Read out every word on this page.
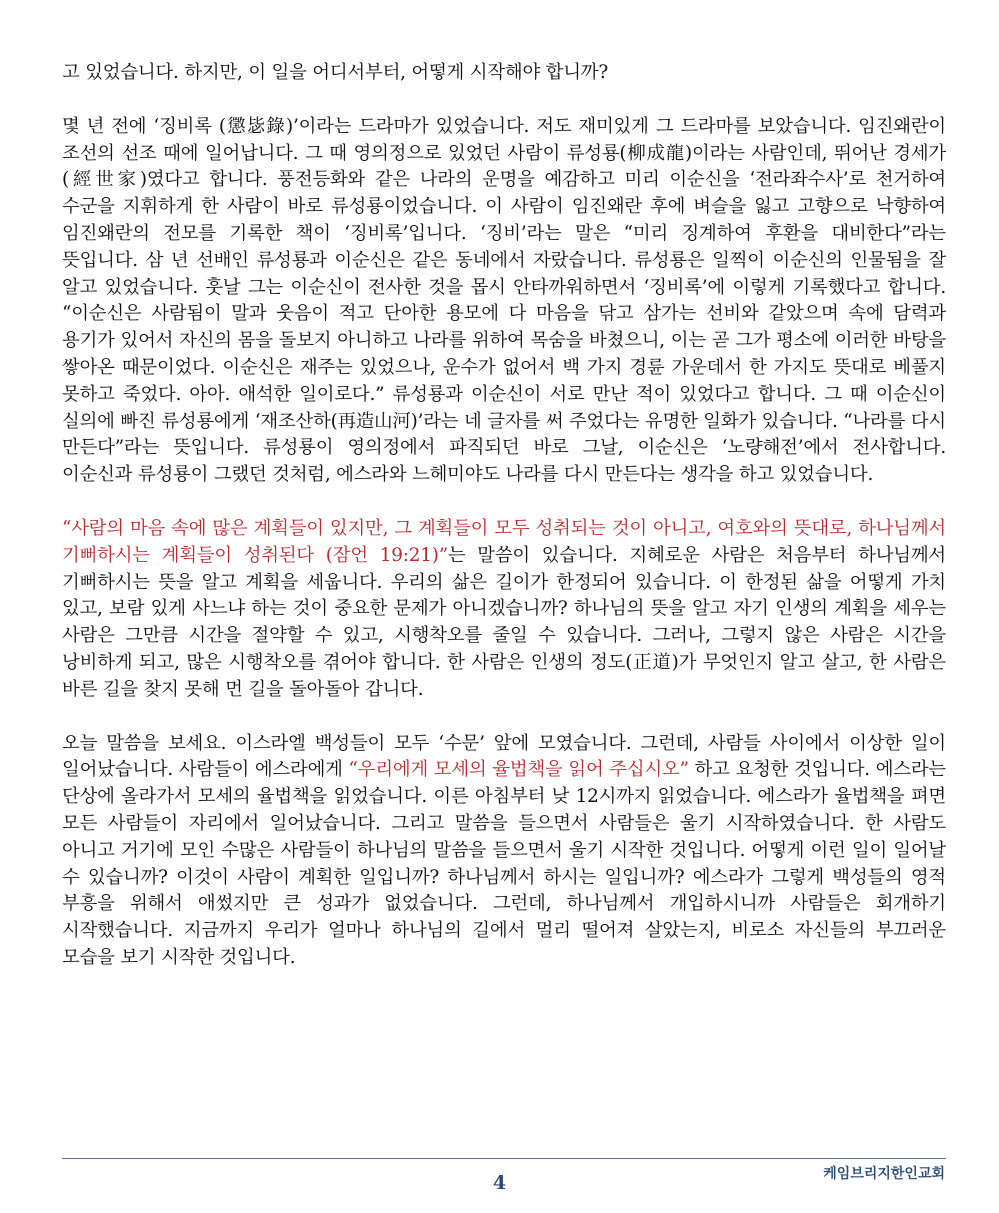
고 있었습니다. 하지만, 이 일을 어디서부터, 어떻게 시작해야 합니까?

몇 년 전에 ‘징비록 (懲毖錄)’이라는 드라마가 있었습니다. 저도 재미있게 그 드라마를 보았습니다. 임진왜란이 조선의 선조 때에 일어납니다. 그 때 영의정으로 있었던 사람이 류성룡(柳成龍)이라는 사람인데, 뛰어난 경세가(經世家)였다고 합니다. 풍전등화와 같은 나라의 운명을 예감하고 미리 이순신을 ‘전라좌수사’로 천거하여 수군을 지휘하게 한 사람이 바로 류성룡이었습니다. 이 사람이 임진왜란 후에 벼슬을 잃고 고향으로 낙향하여 임진왜란의 전모를 기록한 책이 ‘징비록’입니다. ‘징비’라는 말은 “미리 징계하여 후환을 대비한다”라는 뜻입니다. 삼 년 선배인 류성룡과 이순신은 같은 동네에서 자랐습니다. 류성룡은 일찍이 이순신의 인물됨을 잘 알고 있었습니다. 훗날 그는 이순신이 전사한 것을 몹시 안타까워하면서 ‘징비록’에 이렇게 기록했다고 합니다. “이순신은 사람됨이 말과 웃음이 적고 단아한 용모에 다 마음을 닦고 삼가는 선비와 같았으며 속에 담력과 용기가 있어서 자신의 몸을 돌보지 아니하고 나라를 위하여 목숨을 바쳤으니, 이는 곧 그가 평소에 이러한 바탕을 쌓아온 때문이었다. 이순신은 재주는 있었으나, 운수가 없어서 백 가지 경륜 가운데서 한 가지도 뜻대로 베풀지 못하고 죽었다. 아아. 애석한 일이로다.” 류성룡과 이순신이 서로 만난 적이 있었다고 합니다. 그 때 이순신이 실의에 빠진 류성룡에게 ‘재조산하(再造山河)’라는 네 글자를 써 주었다는 유명한 일화가 있습니다. “나라를 다시 만든다”라는 뜻입니다. 류성룡이 영의정에서 파직되던 바로 그날, 이순신은 ‘노량해전’에서 전사합니다. 이순신과 류성룡이 그랬던 것처럼, 에스라와 느헤미야도 나라를 다시 만든다는 생각을 하고 있었습니다.

“사람의 마음 속에 많은 계획들이 있지만, 그 계획들이 모두 성취되는 것이 아니고, 여호와의 뜻대로, 하나님께서 기뻐하시는 계획들이 성취된다 (잠언 19:21)”는 말씀이 있습니다. 지혜로운 사람은 처음부터 하나님께서 기뻐하시는 뜻을 알고 계획을 세웁니다. 우리의 삶은 길이가 한정되어 있습니다. 이 한정된 삶을 어떻게 가치 있고, 보람 있게 사느냐 하는 것이 중요한 문제가 아니겠습니까? 하나님의 뜻을 알고 자기 인생의 계획을 세우는 사람은 그만큼 시간을 절약할 수 있고, 시행착오를 줄일 수 있습니다. 그러나, 그렇지 않은 사람은 시간을 낭비하게 되고, 많은 시행착오를 겪어야 합니다. 한 사람은 인생의 정도(正道)가 무엇인지 알고 살고, 한 사람은 바른 길을 찾지 못해 먼 길을 돌아돌아 갑니다.

오늘 말씀을 보세요. 이스라엘 백성들이 모두 ‘수문’ 앞에 모였습니다. 그런데, 사람들 사이에서 이상한 일이 일어났습니다. 사람들이 에스라에게 “우리에게 모세의 율법책을 읽어 주십시오” 하고 요청한 것입니다. 에스라는 단상에 올라가서 모세의 율법책을 읽었습니다. 이른 아침부터 낮 12시까지 읽었습니다. 에스라가 율법책을 펴면 모든 사람들이 자리에서 일어났습니다. 그리고 말씀을 들으면서 사람들은 울기 시작하였습니다. 한 사람도 아니고 거기에 모인 수많은 사람들이 하나님의 말씀을 들으면서 울기 시작한 것입니다. 어떻게 이런 일이 일어날 수 있습니까? 이것이 사람이 계획한 일입니까? 하나님께서 하시는 일입니까? 에스라가 그렇게 백성들의 영적 부흥을 위해서 애썼지만 큰 성과가 없었습니다. 그런데, 하나님께서 개입하시니까 사람들은 회개하기 시작했습니다. 지금까지 우리가 얼마나 하나님의 길에서 멀리 떨어져 살았는지, 비로소 자신들의 부끄러운 모습을 보기 시작한 것입니다.

4	케임브리지한인교회
